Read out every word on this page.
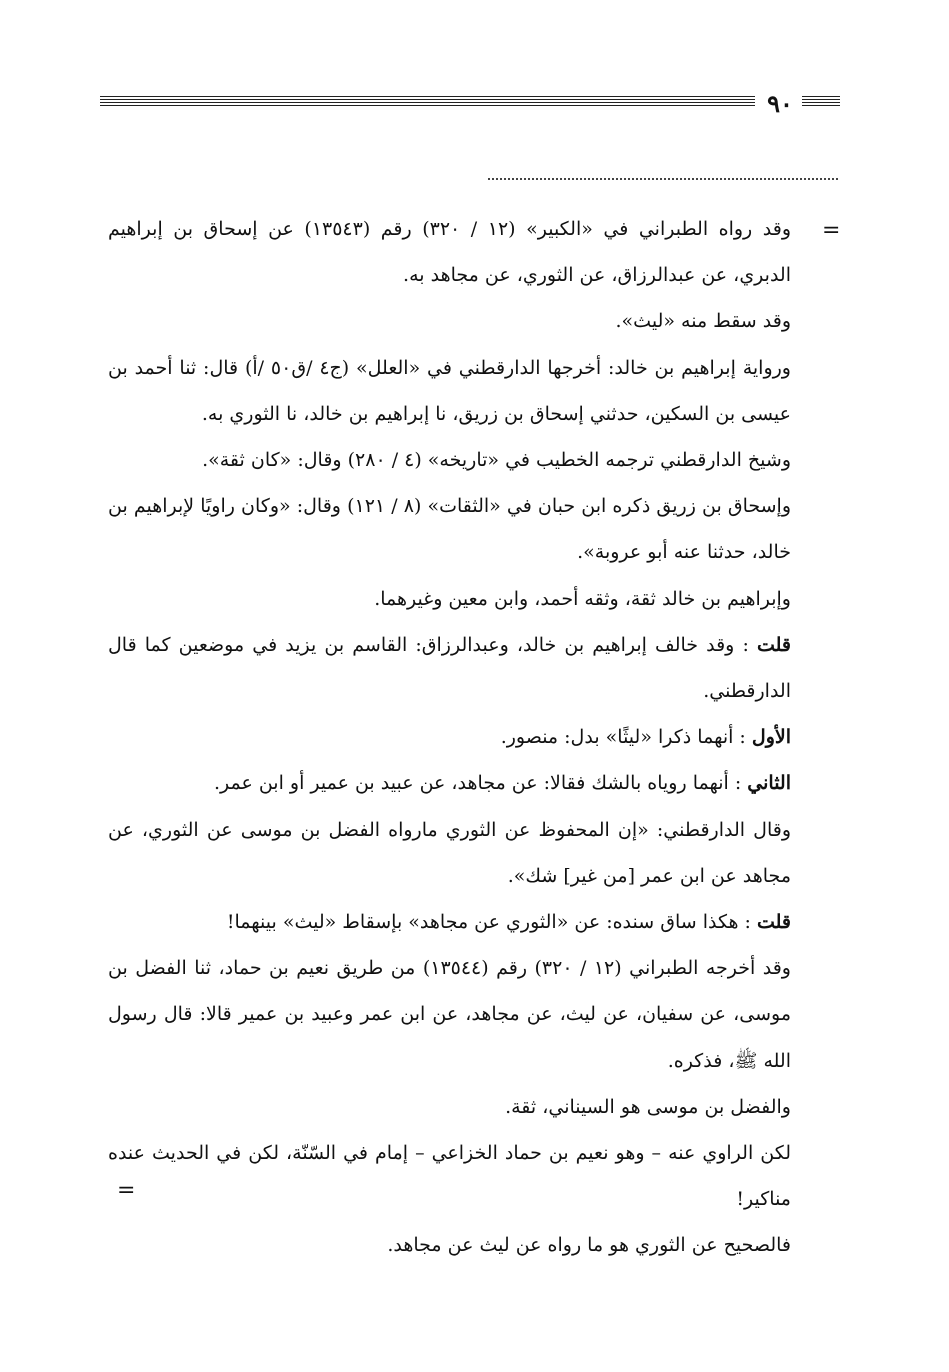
٩٠
=

وقد رواه الطبراني في «الكبير» (١٢ / ٣٢٠) رقم (١٣٥٤٣) عن إسحاق بن إبراهيم الدبري، عن عبدالرزاق، عن الثوري، عن مجاهد به.

وقد سقط منه «ليث».

ورواية إبراهيم بن خالد: أخرجها الدارقطني في «العلل» (ج٤ /ق٥٠ /أ) قال: ثنا أحمد بن عيسى بن السكين، حدثني إسحاق بن زريق، نا إبراهيم بن خالد، نا الثوري به.

وشيخ الدارقطني ترجمه الخطيب في «تاريخه» (٤ / ٢٨٠) وقال: «كان ثقة».

وإسحاق بن زريق ذكره ابن حبان في «الثقات» (٨ / ١٢١) وقال: «وكان راويًا لإبراهيم بن خالد، حدثنا عنه أبو عروبة».

وإبراهيم بن خالد ثقة، وثقه أحمد، وابن معين وغيرهما.

قلت : وقد خالف إبراهيم بن خالد، وعبدالرزاق: القاسم بن يزيد في موضعين كما قال الدارقطني.

الأول : أنهما ذكرا «ليثًا» بدل: منصور.

الثاني : أنهما روياه بالشك فقالا: عن مجاهد، عن عبيد بن عمير أو ابن عمر.

وقال الدارقطني: «إن المحفوظ عن الثوري مارواه الفضل بن موسى عن الثوري، عن مجاهد عن ابن عمر [من غير] شك».

قلت : هكذا ساق سنده: عن «الثوري عن مجاهد» بإسقاط «ليث» بينهما!

وقد أخرجه الطبراني (١٢ / ٣٢٠) رقم (١٣٥٤٤) من طريق نعيم بن حماد، ثنا الفضل بن موسى، عن سفيان، عن ليث، عن مجاهد، عن ابن عمر وعبيد بن عمير قالا: قال رسول الله ﷺ، فذكره.

والفضل بن موسى هو السيناني، ثقة.

لكن الراوي عنه – وهو نعيم بن حماد الخزاعي – إمام في السّنّة، لكن في الحديث عنده مناكير!

فالصحيح عن الثوري هو ما رواه عن ليث عن مجاهد.

=
